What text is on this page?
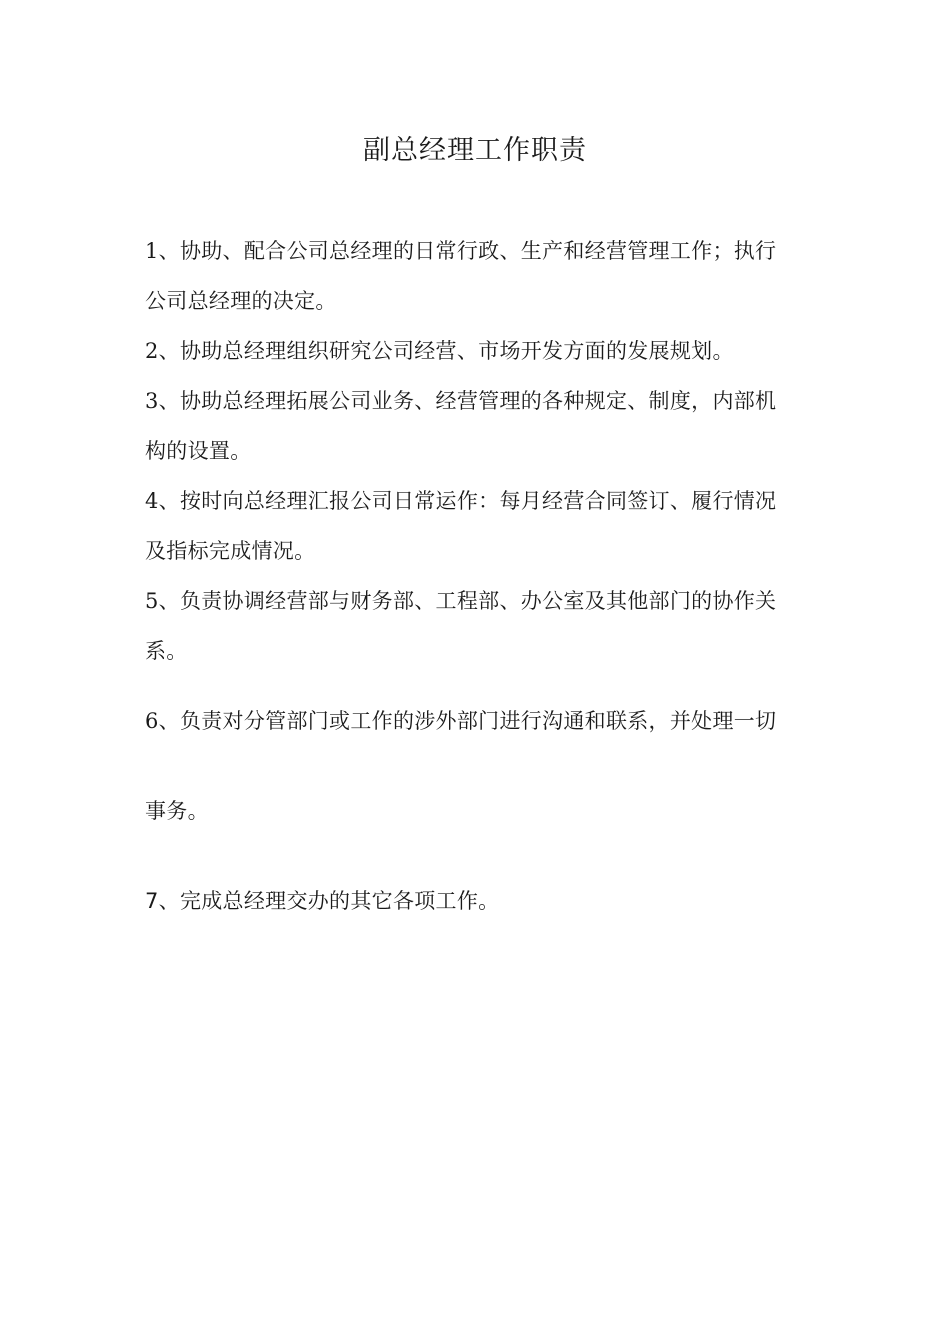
副总经理工作职责
1、协助、配合公司总经理的日常行政、生产和经营管理工作；执行
公司总经理的决定。
2、协助总经理组织研究公司经营、市场开发方面的发展规划。
3、协助总经理拓展公司业务、经营管理的各种规定、制度，内部机
构的设置。
4、按时向总经理汇报公司日常运作：每月经营合同签订、履行情况
及指标完成情况。
5、负责协调经营部与财务部、工程部、办公室及其他部门的协作关
系。
6、负责对分管部门或工作的涉外部门进行沟通和联系，并处理一切
事务。
7、完成总经理交办的其它各项工作。
